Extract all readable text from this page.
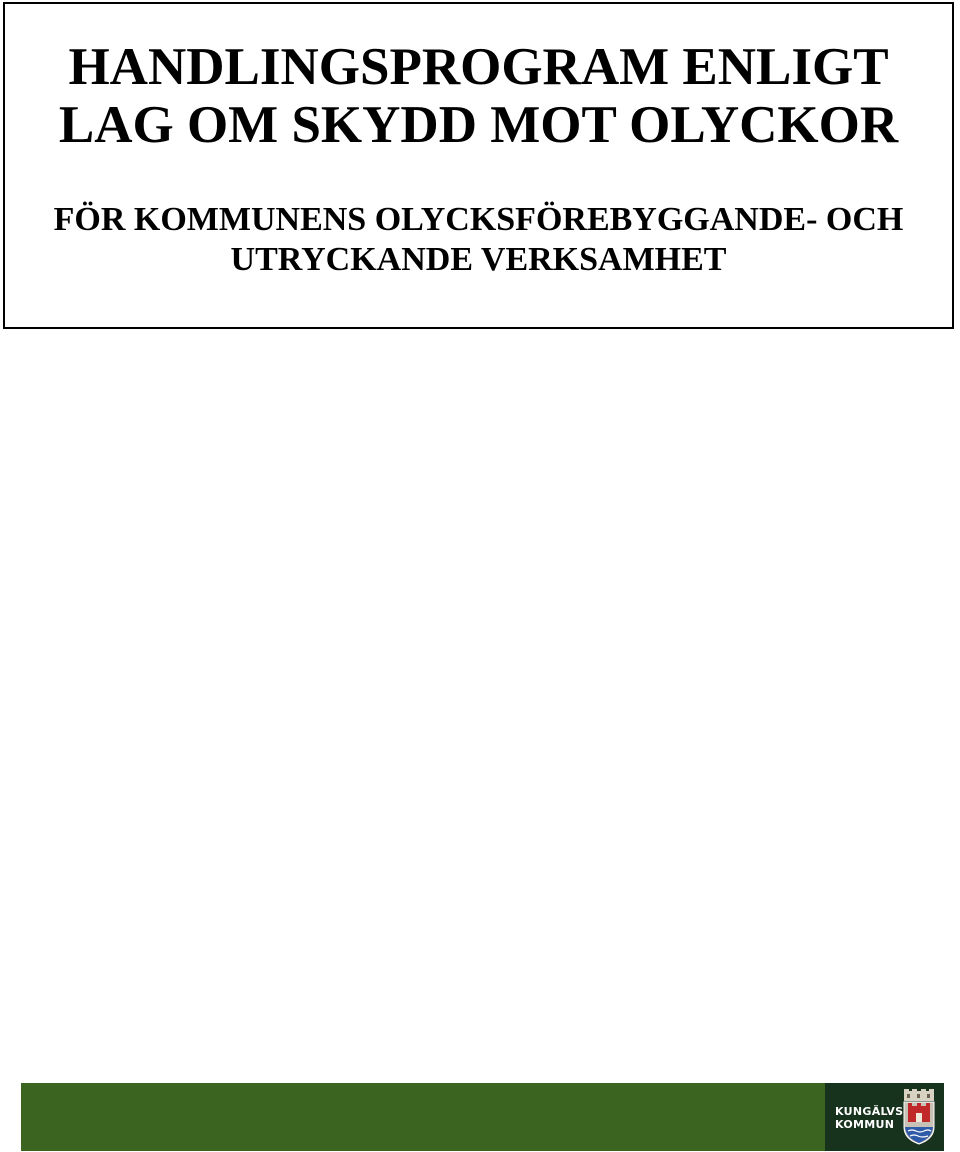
HANDLINGSPROGRAM ENLIGT
LAG OM SKYDD MOT OLYCKOR
FÖR KOMMUNENS OLYCKSFÖREBYGGANDE- OCH
UTRYCKANDE VERKSAMHET
KUNGÄLVS
KOMMUN
